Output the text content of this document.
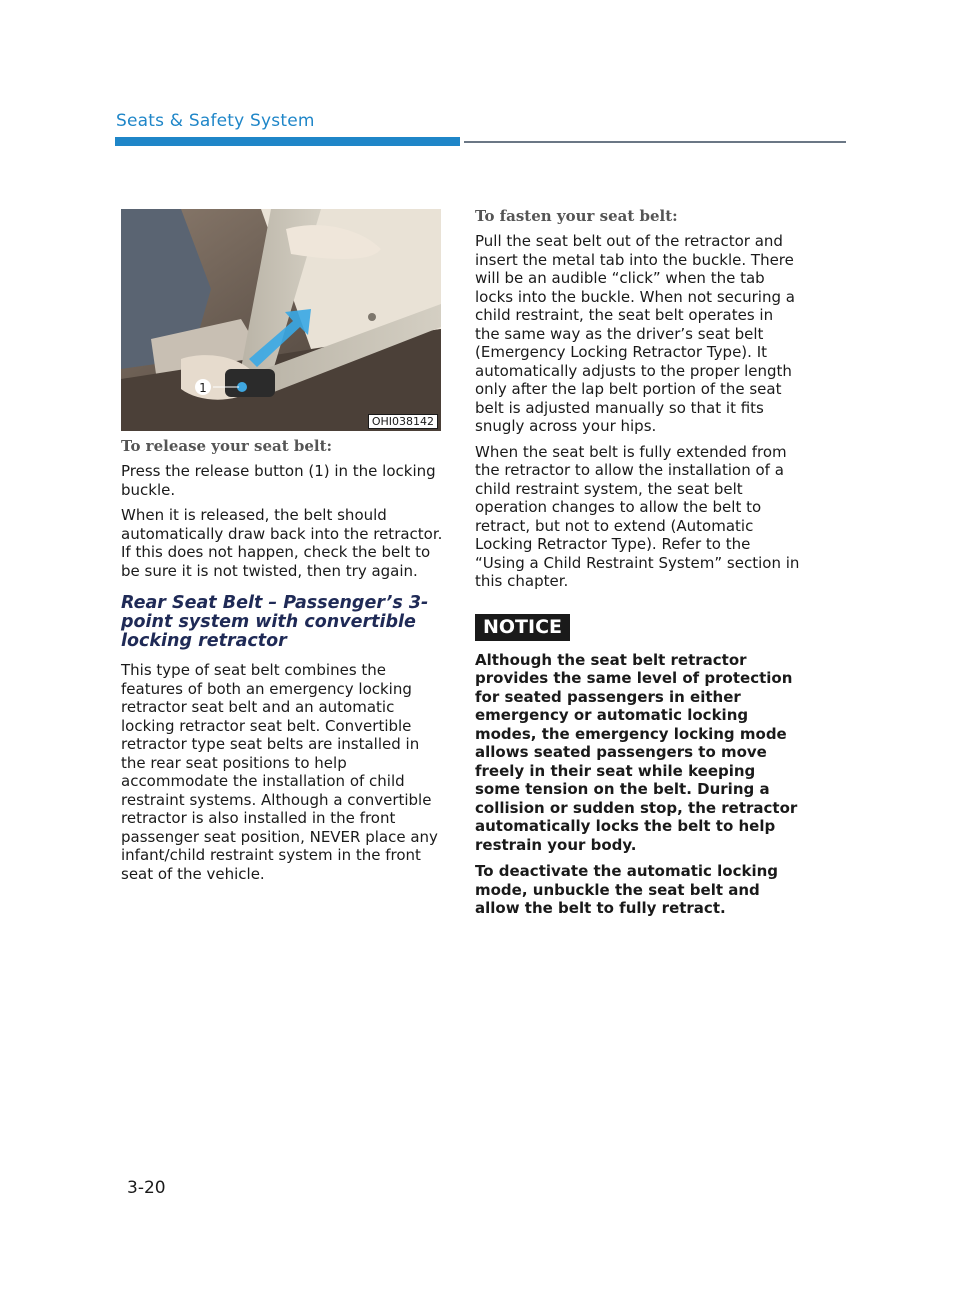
Seats & Safety System
1
OHI038142
To release your seat belt:

Press the release button (1) in the locking buckle.

When it is released, the belt should automatically draw back into the retractor. If this does not happen, check the belt to be sure it is not twisted, then try again.

Rear Seat Belt – Passenger’s 3-point system with convertible locking retractor

This type of seat belt combines the features of both an emergency locking retractor seat belt and an automatic locking retractor seat belt. Convertible retractor type seat belts are installed in the rear seat positions to help accommodate the installation of child restraint systems. Although a convertible retractor is also installed in the front passenger seat position, NEVER place any infant/child restraint system in the front seat of the vehicle.

To fasten your seat belt:

Pull the seat belt out of the retractor and insert the metal tab into the buckle. There will be an audible “click” when the tab locks into the buckle. When not securing a child restraint, the seat belt operates in the same way as the driver’s seat belt (Emergency Locking Retractor Type). It automatically adjusts to the proper length only after the lap belt portion of the seat belt is adjusted manually so that it fits snugly across your hips.

When the seat belt is fully extended from the retractor to allow the installation of a child restraint system, the seat belt operation changes to allow the belt to retract, but not to extend (Automatic Locking Retractor Type). Refer to the “Using a Child Restraint System” section in this chapter.

NOTICE

Although the seat belt retractor provides the same level of protection for seated passengers in either emergency or automatic locking modes, the emergency locking mode allows seated passengers to move freely in their seat while keeping some tension on the belt. During a collision or sudden stop, the retractor automatically locks the belt to help restrain your body.

To deactivate the automatic locking mode, unbuckle the seat belt and allow the belt to fully retract.

3-20
